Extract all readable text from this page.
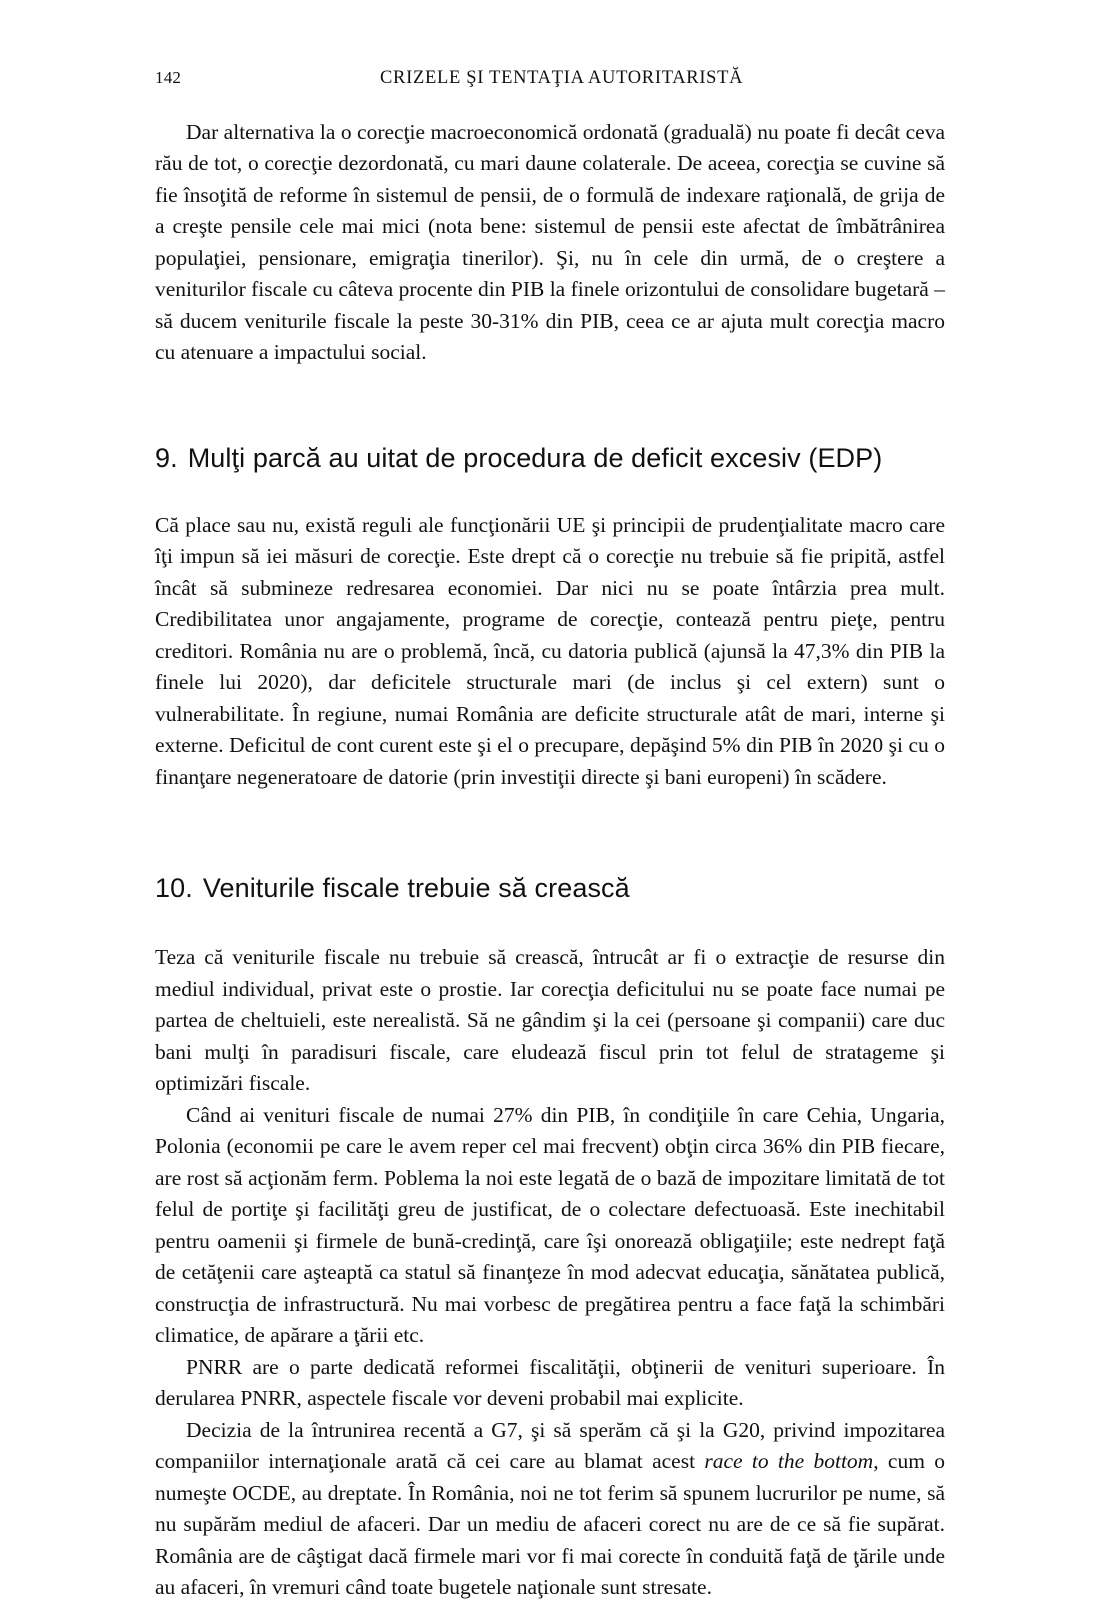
142	CRIZELE ŞI TENTAŢIA AUTORITARISTĂ

Dar alternativa la o corecţie macroeconomică ordonată (graduală) nu poate fi decât ceva rău de tot, o corecţie dezordonată, cu mari daune colaterale. De aceea, corecţia se cuvine să fie însoţită de reforme în sistemul de pensii, de o formulă de indexare raţională, de grija de a creşte pensile cele mai mici (nota bene: sistemul de pensii este afectat de îmbătrânirea populaţiei, pensionare, emigraţia tinerilor). Şi, nu în cele din urmă, de o creştere a veniturilor fiscale cu câteva procente din PIB la finele orizontului de consolidare bugetară – să ducem veniturile fiscale la peste 30-31% din PIB, ceea ce ar ajuta mult corecţia macro cu atenuare a impactului social.

9. Mulţi parcă au uitat de procedura de deficit excesiv (EDP)

Că place sau nu, există reguli ale funcţionării UE şi principii de prudenţialitate macro care îţi impun să iei măsuri de corecţie. Este drept că o corecţie nu trebuie să fie pripită, astfel încât să submineze redresarea economiei. Dar nici nu se poate întârzia prea mult. Credibilitatea unor angajamente, programe de corecţie, contează pentru pieţe, pentru creditori. România nu are o problemă, încă, cu datoria publică (ajunsă la 47,3% din PIB la finele lui 2020), dar deficitele structurale mari (de inclus şi cel extern) sunt o vulnerabilitate. În regiune, numai România are deficite structurale atât de mari, interne şi externe. Deficitul de cont curent este şi el o precupare, depăşind 5% din PIB în 2020 şi cu o finanţare negeneratoare de datorie (prin investiţii directe şi bani europeni) în scădere.

10. Veniturile fiscale trebuie să crească

Teza că veniturile fiscale nu trebuie să crească, întrucât ar fi o extracţie de resurse din mediul individual, privat este o prostie. Iar corecţia deficitului nu se poate face numai pe partea de cheltuieli, este nerealistă. Să ne gândim şi la cei (persoane şi companii) care duc bani mulţi în paradisuri fiscale, care eludează fiscul prin tot felul de stratageme şi optimizări fiscale.

Când ai venituri fiscale de numai 27% din PIB, în condiţiile în care Cehia, Ungaria, Polonia (economii pe care le avem reper cel mai frecvent) obţin circa 36% din PIB fiecare, are rost să acţionăm ferm. Poblema la noi este legată de o bază de impozitare limitată de tot felul de portiţe şi facilităţi greu de justificat, de o colectare defectuoasă. Este inechitabil pentru oamenii şi firmele de bună-credinţă, care îşi onorează obligaţiile; este nedrept faţă de cetăţenii care aşteaptă ca statul să finanţeze în mod adecvat educaţia, sănătatea publică, construcţia de infrastructură. Nu mai vorbesc de pregătirea pentru a face faţă la schimbări climatice, de apărare a ţării etc.

PNRR are o parte dedicată reformei fiscalităţii, obţinerii de venituri superioare. În derularea PNRR, aspectele fiscale vor deveni probabil mai explicite.

Decizia de la întrunirea recentă a G7, şi să sperăm că şi la G20, privind impozitarea companiilor internaţionale arată că cei care au blamat acest race to the bottom, cum o numeşte OCDE, au dreptate. În România, noi ne tot ferim să spunem lucrurilor pe nume, să nu supărăm mediul de afaceri. Dar un mediu de afaceri corect nu are de ce să fie supărat. România are de câştigat dacă firmele mari vor fi mai corecte în conduită faţă de ţările unde au afaceri, în vremuri când toate bugetele naţionale sunt stresate.
